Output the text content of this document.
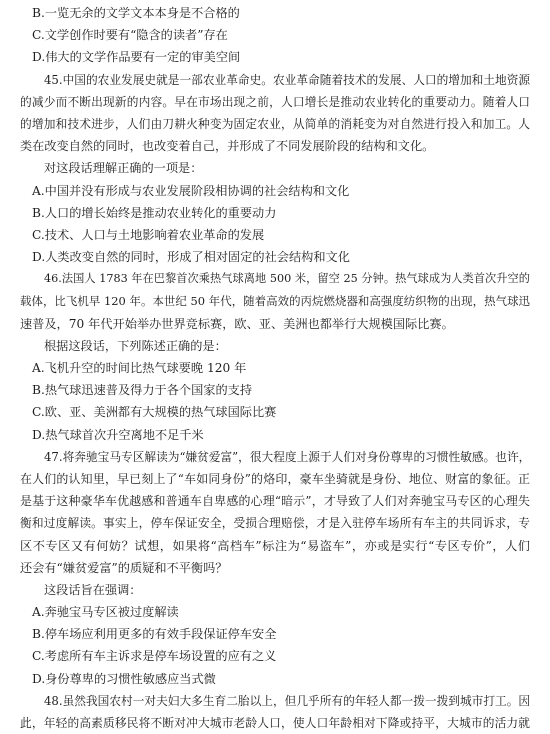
B.一览无余的文学文本本身是不合格的
C.文学创作时要有“隐含的读者”存在
D.伟大的文学作品要有一定的审美空间
45.中国的农业发展史就是一部农业革命史。农业革命随着技术的发展、人口的增加和土地资源
的减少而不断出现新的内容。早在市场出现之前，人口增长是推动农业转化的重要动力。随着人口
的增加和技术进步，人们由刀耕火种变为固定农业，从简单的消耗变为对自然进行投入和加工。人
类在改变自然的同时，也改变着自己，并形成了不同发展阶段的结构和文化。
对这段话理解正确的一项是：
A.中国并没有形成与农业发展阶段相协调的社会结构和文化
B.人口的增长始终是推动农业转化的重要动力
C.技术、人口与土地影响着农业革命的发展
D.人类改变自然的同时，形成了相对固定的社会结构和文化
46.法国人 1783 年在巴黎首次乘热气球离地 500 米，留空 25 分钟。热气球成为人类首次升空的
载体，比飞机早 120 年。本世纪 50 年代，随着高效的丙烷燃烧器和高强度纺织物的出现，热气球迅
速普及，70 年代开始举办世界竞标赛，欧、亚、美洲也都举行大规模国际比赛。
根据这段话，下列陈述正确的是：
A.飞机升空的时间比热气球要晚 120 年
B.热气球迅速普及得力于各个国家的支持
C.欧、亚、美洲都有大规模的热气球国际比赛
D.热气球首次升空离地不足千米
47.将奔驰宝马专区解读为“嫌贫爱富”，很大程度上源于人们对身份尊卑的习惯性敏感。也许，
在人们的认知里，早已刻上了“车如同身份”的烙印，豪车坐骑就是身份、地位、财富的象征。正
是基于这种豪华车优越感和普通车自卑感的心理“暗示”，才导致了人们对奔驰宝马专区的心理失
衡和过度解读。事实上，停车保证安全，受损合理赔偿，才是入驻停车场所有车主的共同诉求，专
区不专区又有何妨？试想，如果将“高档车”标注为“易盗车”，亦或是实行“专区专价”，人们
还会有“嫌贫爱富”的质疑和不平衡吗？
这段话旨在强调：
A.奔驰宝马专区被过度解读
B.停车场应利用更多的有效手段保证停车安全
C.考虑所有车主诉求是停车场设置的应有之义
D.身份尊卑的习惯性敏感应当式微
48.虽然我国农村一对夫妇大多生育二胎以上，但几乎所有的年轻人都一拨一拨到城市打工。因
此，年轻的高素质移民将不断对冲大城市老龄人口，使人口年龄相对下降或持平，大城市的活力就
